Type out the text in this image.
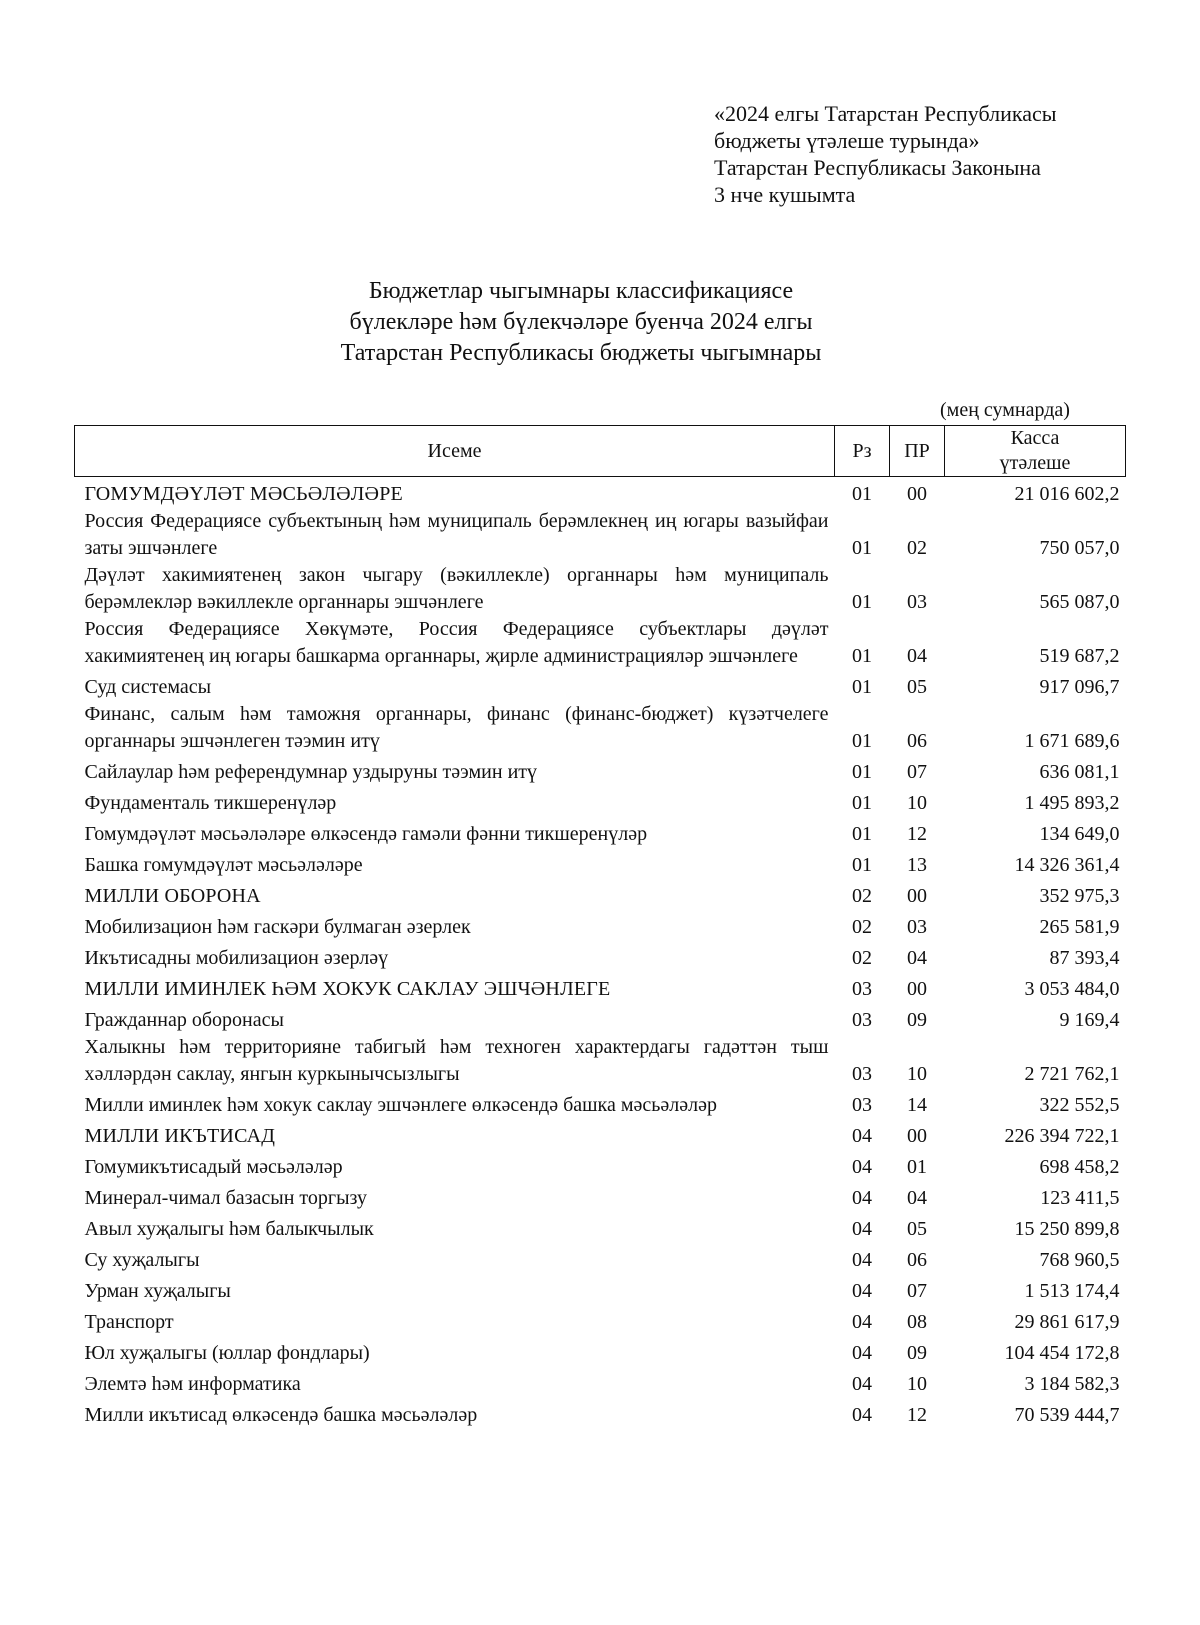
«2024 елгы Татарстан Республикасы
бюджеты үтәлеше турында»
Татарстан Республикасы Законына
3 нче кушымта
Бюджетлар чыгымнары классификациясе
бүлекләре һәм бүлекчәләре буенча 2024 елгы
Татарстан Республикасы бюджеты чыгымнары
(мең сумнарда)
Исеме	Рз	ПР	Касса
үтәлеше

ГОМУМДӘҮЛӘТ МӘСЬӘЛӘЛӘРЕ	01	00	21 016 602,2
Россия Федерациясе субъектының һәм муниципаль берәмлекнең иң югары вазыйфаи заты эшчәнлеге	01	02	750 057,0
Дәүләт хакимиятенең закон чыгару (вәкиллекле) органнары һәм муниципаль берәмлекләр вәкиллекле органнары эшчәнлеге	01	03	565 087,0
Россия Федерациясе Хөкүмәте, Россия Федерациясе субъектлары дәүләт хакимиятенең иң югары башкарма органнары, җирле администрацияләр эшчәнлеге	01	04	519 687,2
Суд системасы	01	05	917 096,7
Финанс, салым һәм таможня органнары, финанс (финанс-бюджет) күзәтчелеге органнары эшчәнлеген тәэмин итү	01	06	1 671 689,6
Сайлаулар һәм референдумнар уздыруны тәэмин итү	01	07	636 081,1
Фундаменталь тикшеренүләр	01	10	1 495 893,2
Гомумдәүләт мәсьәләләре өлкәсендә гамәли фәнни тикшеренүләр	01	12	134 649,0
Башка гомумдәүләт мәсьәләләре	01	13	14 326 361,4
МИЛЛИ ОБОРОНА	02	00	352 975,3
Мобилизацион һәм гаскәри булмаган әзерлек	02	03	265 581,9
Икътисадны мобилизацион әзерләү	02	04	87 393,4
МИЛЛИ ИМИНЛЕК ҺӘМ ХОКУК САКЛАУ ЭШЧӘНЛЕГЕ	03	00	3 053 484,0
Гражданнар оборонасы	03	09	9 169,4
Халыкны һәм территорияне табигый һәм техноген характердагы гадәттән тыш хәлләрдән саклау, янгын куркынычсызлыгы	03	10	2 721 762,1
Милли иминлек һәм хокук саклау эшчәнлеге өлкәсендә башка мәсьәләләр	03	14	322 552,5
МИЛЛИ ИКЪТИСАД	04	00	226 394 722,1
Гомумикътисадый мәсьәләләр	04	01	698 458,2
Минерал-чимал базасын торгызу	04	04	123 411,5
Авыл хуҗалыгы һәм балыкчылык	04	05	15 250 899,8
Су хуҗалыгы	04	06	768 960,5
Урман хуҗалыгы	04	07	1 513 174,4
Транспорт	04	08	29 861 617,9
Юл хуҗалыгы (юллар фондлары)	04	09	104 454 172,8
Элемтә һәм информатика	04	10	3 184 582,3
Милли икътисад өлкәсендә башка мәсьәләләр	04	12	70 539 444,7
